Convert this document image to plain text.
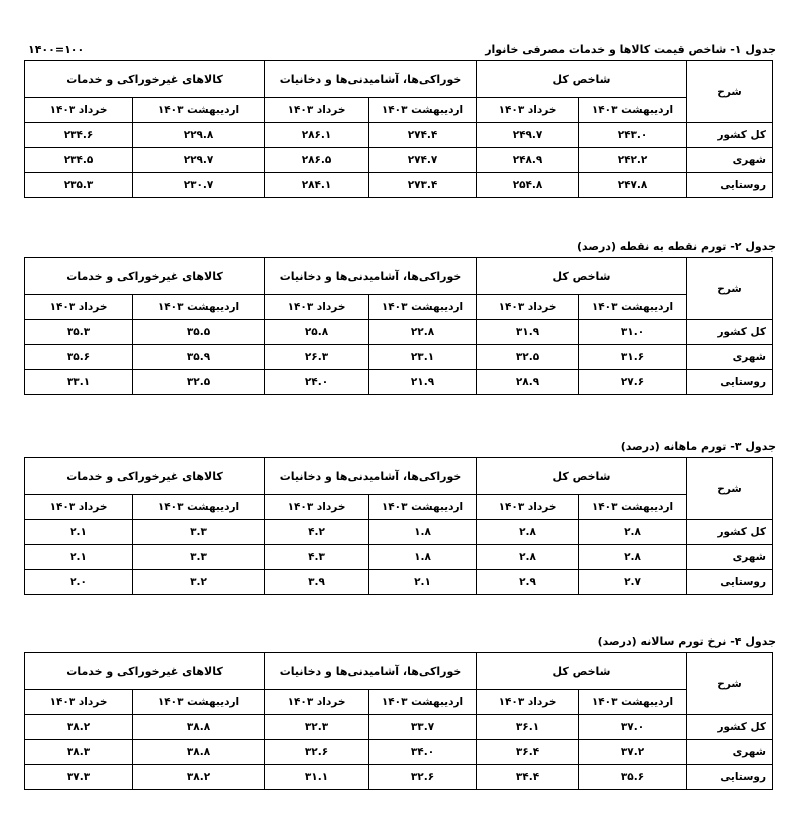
جدول ۱- شاخص قیمت کالاها و خدمات مصرفی خانوار
۱۴۰۰=۱۰۰
شرح	شاخص کل		خوراکی‌ها، آشامیدنی‌ها و دخانیات		کالاهای غیرخوراکی و خدمات	
	اردیبهشت ۱۴۰۳	خرداد ۱۴۰۳	اردیبهشت ۱۴۰۳	خرداد ۱۴۰۳	اردیبهشت ۱۴۰۳	خرداد ۱۴۰۳
کل کشور	۲۴۳.۰	۲۴۹.۷	۲۷۴.۴	۲۸۶.۱	۲۲۹.۸	۲۳۴.۶
شهری	۲۴۲.۲	۲۴۸.۹	۲۷۴.۷	۲۸۶.۵	۲۲۹.۷	۲۳۴.۵
روستایی	۲۴۷.۸	۲۵۴.۸	۲۷۳.۴	۲۸۴.۱	۲۳۰.۷	۲۳۵.۳
جدول ۲- تورم نقطه به نقطه (درصد)
شرح	شاخص کل		خوراکی‌ها، آشامیدنی‌ها و دخانیات		کالاهای غیرخوراکی و خدمات	
	اردیبهشت ۱۴۰۳	خرداد ۱۴۰۳	اردیبهشت ۱۴۰۳	خرداد ۱۴۰۳	اردیبهشت ۱۴۰۳	خرداد ۱۴۰۳
کل کشور	۳۱.۰	۳۱.۹	۲۲.۸	۲۵.۸	۳۵.۵	۳۵.۳
شهری	۳۱.۶	۳۲.۵	۲۳.۱	۲۶.۳	۳۵.۹	۳۵.۶
روستایی	۲۷.۶	۲۸.۹	۲۱.۹	۲۴.۰	۳۲.۵	۳۳.۱
جدول ۳- تورم ماهانه (درصد)
شرح	شاخص کل		خوراکی‌ها، آشامیدنی‌ها و دخانیات		کالاهای غیرخوراکی و خدمات	
	اردیبهشت ۱۴۰۳	خرداد ۱۴۰۳	اردیبهشت ۱۴۰۳	خرداد ۱۴۰۳	اردیبهشت ۱۴۰۳	خرداد ۱۴۰۳
کل کشور	۲.۸	۲.۸	۱.۸	۴.۲	۳.۳	۲.۱
شهری	۲.۸	۲.۸	۱.۸	۴.۳	۳.۳	۲.۱
روستایی	۲.۷	۲.۹	۲.۱	۳.۹	۳.۲	۲.۰
جدول ۴- نرخ تورم سالانه (درصد)
شرح	شاخص کل		خوراکی‌ها، آشامیدنی‌ها و دخانیات		کالاهای غیرخوراکی و خدمات	
	اردیبهشت ۱۴۰۳	خرداد ۱۴۰۳	اردیبهشت ۱۴۰۳	خرداد ۱۴۰۳	اردیبهشت ۱۴۰۳	خرداد ۱۴۰۳
کل کشور	۳۷.۰	۳۶.۱	۳۳.۷	۳۲.۳	۳۸.۸	۳۸.۲
شهری	۳۷.۲	۳۶.۴	۳۴.۰	۳۲.۶	۳۸.۸	۳۸.۳
روستایی	۳۵.۶	۳۴.۴	۳۲.۶	۳۱.۱	۳۸.۲	۳۷.۳
